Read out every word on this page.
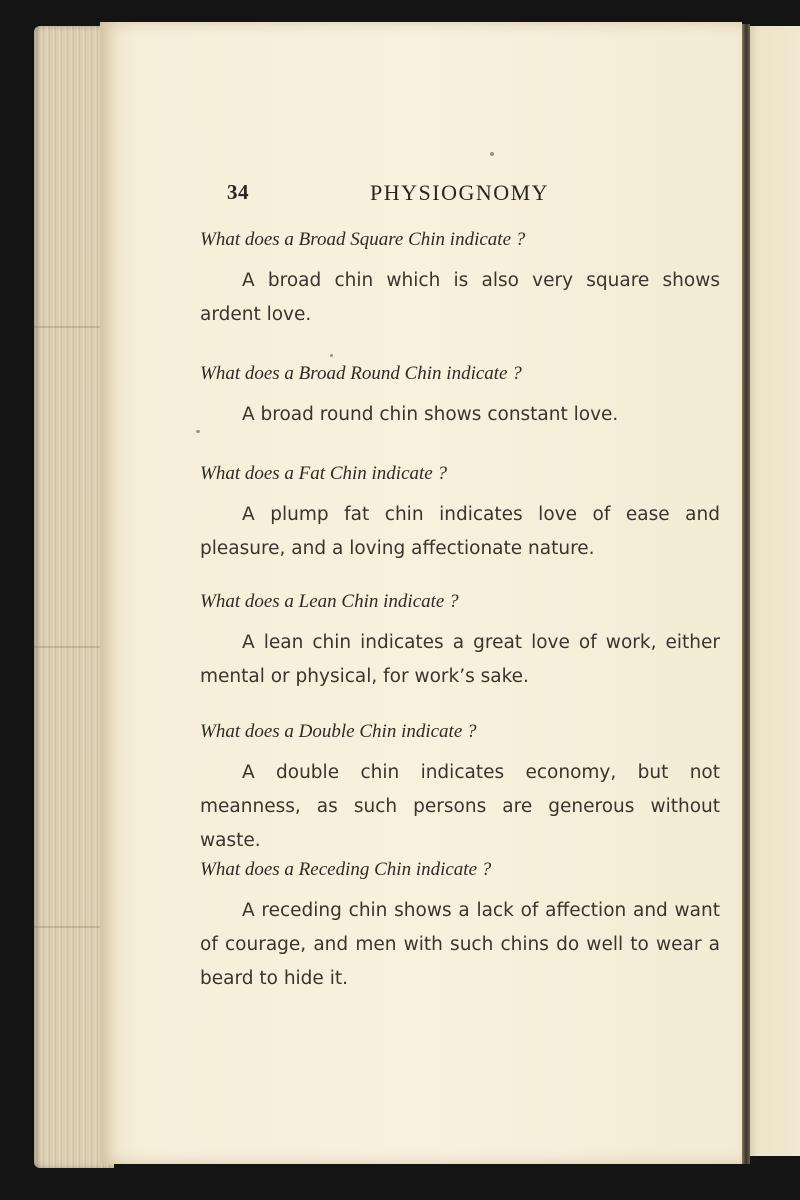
34	PHYSIOGNOMY

What does a Broad Square Chin indicate ?

A broad chin which is also very square shows ardent love.

What does a Broad Round Chin indicate ?

A broad round chin shows constant love.

What does a Fat Chin indicate ?

A plump fat chin indicates love of ease and pleasure, and a loving affectionate nature.

What does a Lean Chin indicate ?

A lean chin indicates a great love of work, either mental or physical, for work’s sake.

What does a Double Chin indicate ?

A double chin indicates economy, but not meanness, as such persons are generous without waste.

What does a Receding Chin indicate ?

A receding chin shows a lack of affection and want of courage, and men with such chins do well to wear a beard to hide it.
